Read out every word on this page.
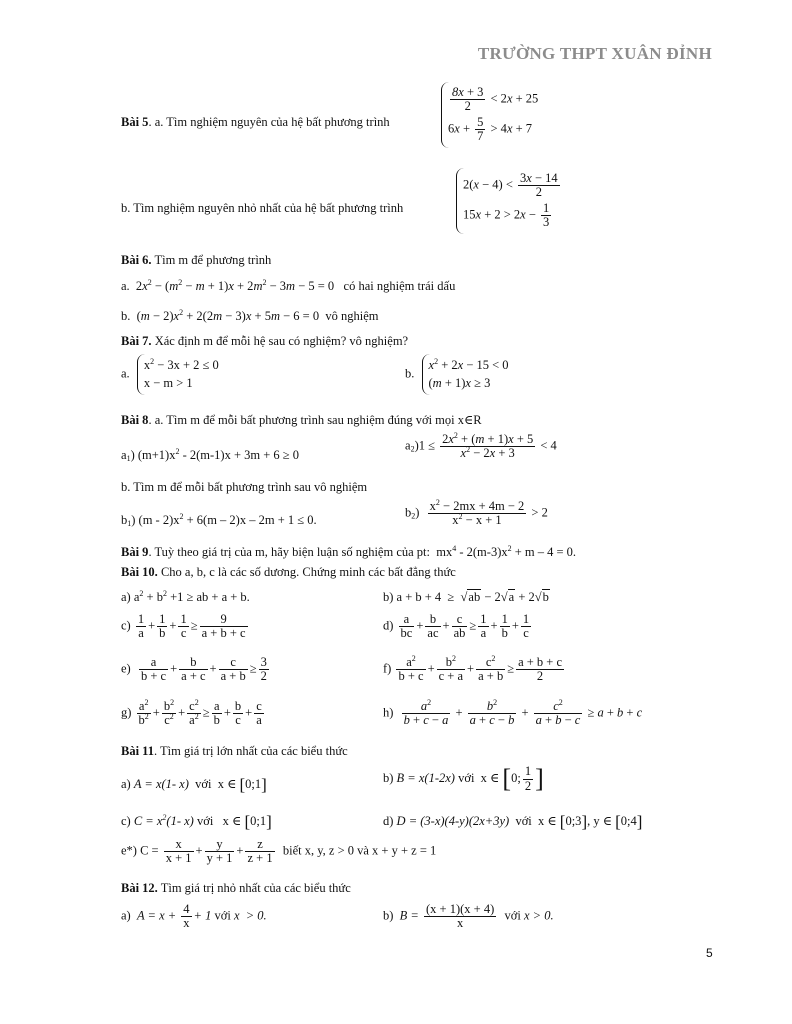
TRƯỜNG THPT XUÂN ĐỈNH
Bài 5. a. Tìm nghiệm nguyên của hệ bất phương trình
$\frac{8x + 3}{2} < 2x + 25$
$6x + \frac{5}{7} > 4x + 7$
b. Tìm nghiệm nguyên nhỏ nhất của hệ bất phương trình
$2(x - 4) < \frac{3x - 14}{2}$
$15x + 2 > 2x - \frac{1}{3}$
Bài 6. Tìm m để phương trình
a.  $2x^2 - (m^2 - m + 1)x + 2m^2 - 3m - 5 = 0$   có hai nghiệm trái dấu
b.  $(m - 2)x^2 + 2(2m - 3)x + 5m - 6 = 0$  vô nghiệm
Bài 7. Xác định m để mỗi hệ sau có nghiệm? vô nghiệm?
a.
$x^2 - 3x + 2 \le 0$
x − m > 1
b.
$x^2 + 2x - 15 < 0$
(m + 1)x ≥ 3
Bài 8. a. Tìm m để mỗi bất phương trình sau nghiệm đúng với mọi x∈R
$a_1$) $(m+1)x^2 - 2(m-1)x + 3m + 6 \ge 0$
$a_2)1 \le \frac{2x^2 + (m + 1)x + 5}{x^2 - 2x + 3} < 4$
b. Tìm m để mỗi bất phương trình sau vô nghiệm
$b_1$) $(m - 2)x^2 + 6(m - 2)x - 2m + 1 \le 0$.
$b_2) \frac{x^2 - 2mx + 4m - 2}{x^2 - x + 1} > 2$
Bài 9. Tuỳ theo giá trị của m, hãy biện luận số nghiệm của pt:  $mx^4 - 2(m-3)x^2 + m - 4 = 0$.
Bài 10. Cho a, b, c là các số dương. Chứng minh các bất đẳng thức
a) $a^2 + b^2 +1$ ≥ ab + a + b.	b) a + b + 4  ≥  √ ab − 2 √ a + 2 √ b
$c) \frac{1}{a} + \frac{1}{b} + \frac{1}{c} \ge \frac{9}{a + b + c}$	$d) \frac{a}{bc} + \frac{b}{ac} + \frac{c}{ab} \ge \frac{1}{a} + \frac{1}{b} + \frac{1}{c}$
$e) \frac{a}{b + c} + \frac{b}{a + c} + \frac{c}{a + b} \ge \frac{3}{2}$	$f) \frac{a^2}{b + c} + \frac{b^2}{c + a} + \frac{c^2}{a + b} \ge \frac{a + b + c}{2}$
$g) \frac{a^2}{b^2} + \frac{b^2}{c^2} + \frac{c^2}{a^2} \ge \frac{a}{b} + \frac{b}{c} + \frac{c}{a}$	$h) \frac{a^2}{b + c - a} + \frac{b^2}{a + c - b} + \frac{c^2}{a + b - c} \ge a + b + c$
Bài 11. Tìm giá trị lớn nhất của các biểu thức
a) A = x(1- x)  với  x ∈ [0;1]	b) B = x(1-2x) với  x ∈ [0; $\frac{1}{2}$ ]
c) $C = x^2(1-$ x) với   x ∈ [0;1]	d) D = (3-x)(4-y)(2x+3y)  với  x ∈ [0;3], y ∈ [0;4]
e*) $C = \frac{x}{x + 1} + \frac{y}{y + 1} + \frac{z}{z + 1}$ biết x, y, z > 0 và x + y + z = 1
Bài 12. Tìm giá trị nhỏ nhất của các biểu thức
a)  $A = x + \frac{4}{x} + 1$ với x  > 0.	b)  $B = \frac{(x + 1)(x + 4)}{x}$ với x > 0.
5
